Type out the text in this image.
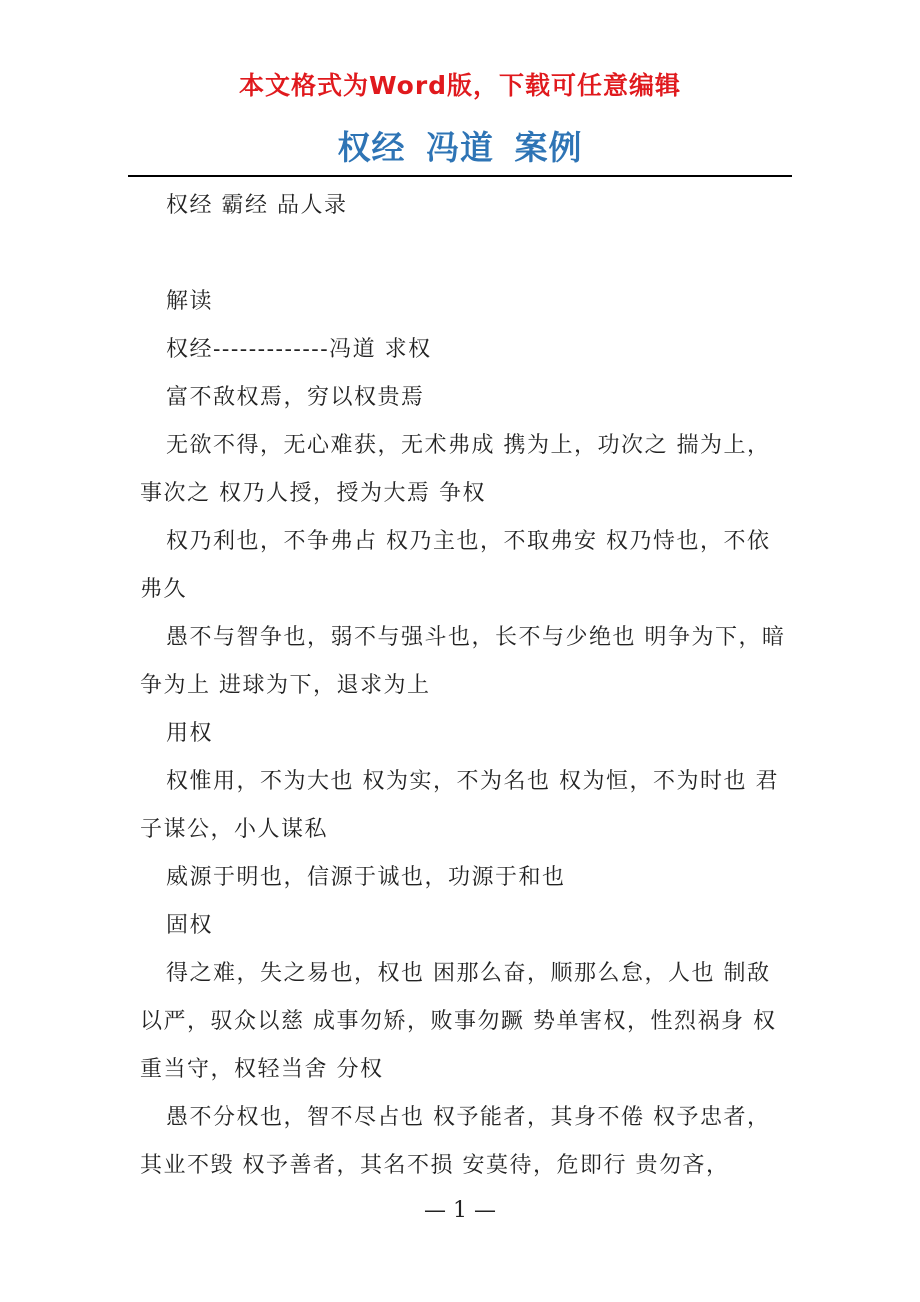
本文格式为Word版，下载可任意编辑
权经 冯道 案例

权经 霸经 品人录

解读

权经-------------冯道 求权

富不敌权焉，穷以权贵焉

无欲不得，无心难获，无术弗成 携为上，功次之 揣为上，事次之 权乃人授，授为大焉 争权

权乃利也，不争弗占 权乃主也，不取弗安 权乃恃也，不依弗久

愚不与智争也，弱不与强斗也，长不与少绝也 明争为下，暗争为上 进球为下，退求为上

用权

权惟用，不为大也 权为实，不为名也 权为恒，不为时也 君子谋公，小人谋私

威源于明也，信源于诚也，功源于和也

固权

得之难，失之易也，权也 困那么奋，顺那么怠，人也 制敌以严，驭众以慈 成事勿矫，败事勿蹶 势单害权，性烈祸身 权重当守，权轻当舍 分权

愚不分权也，智不尽占也 权予能者，其身不倦 权予忠者，其业不毁 权予善者，其名不损 安莫待，危即行 贵勿吝，

— 1 —
